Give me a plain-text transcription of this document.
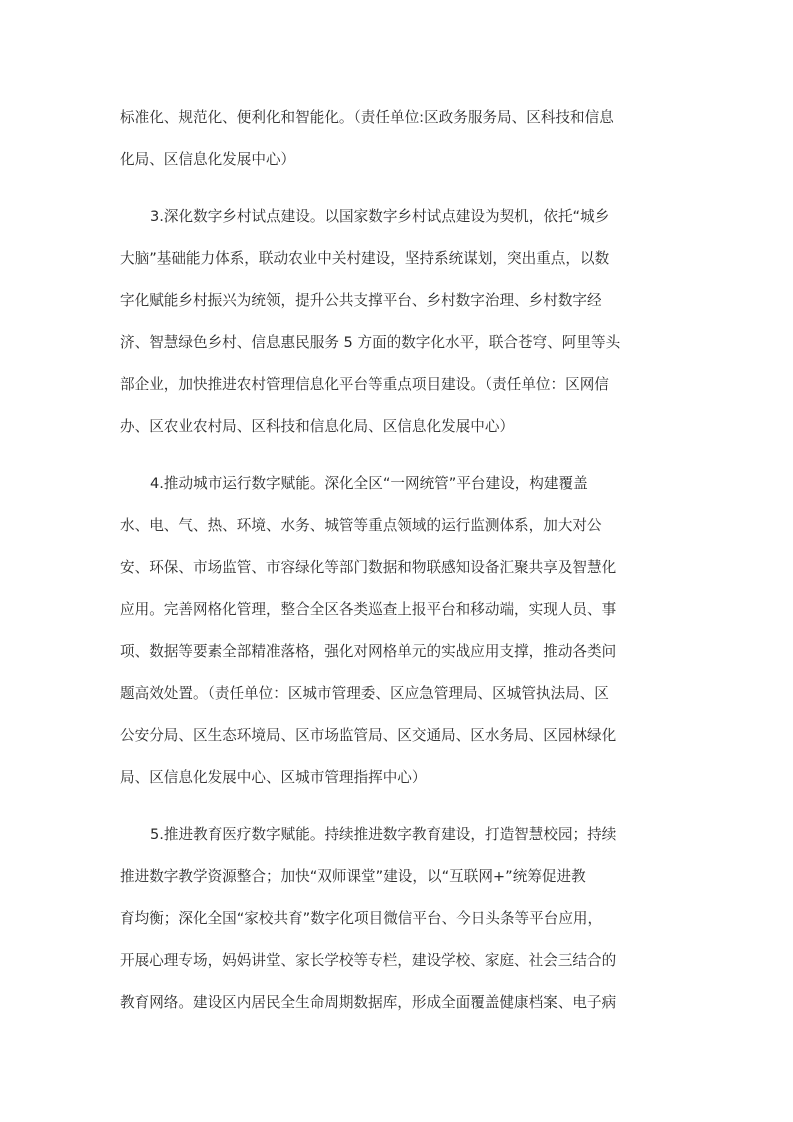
标准化、规范化、便利化和智能化。（责任单位:区政务服务局、区科技和信息
化局、区信息化发展中心）
3.深化数字乡村试点建设。以国家数字乡村试点建设为契机，依托“城乡
大脑”基础能力体系，联动农业中关村建设，坚持系统谋划，突出重点，以数
字化赋能乡村振兴为统领，提升公共支撑平台、乡村数字治理、乡村数字经
济、智慧绿色乡村、信息惠民服务 5 方面的数字化水平，联合苍穹、阿里等头
部企业，加快推进农村管理信息化平台等重点项目建设。（责任单位：区网信
办、区农业农村局、区科技和信息化局、区信息化发展中心）
4.推动城市运行数字赋能。深化全区“一网统管”平台建设，构建覆盖
水、电、气、热、环境、水务、城管等重点领域的运行监测体系，加大对公
安、环保、市场监管、市容绿化等部门数据和物联感知设备汇聚共享及智慧化
应用。完善网格化管理，整合全区各类巡查上报平台和移动端，实现人员、事
项、数据等要素全部精准落格，强化对网格单元的实战应用支撑，推动各类问
题高效处置。（责任单位：区城市管理委、区应急管理局、区城管执法局、区
公安分局、区生态环境局、区市场监管局、区交通局、区水务局、区园林绿化
局、区信息化发展中心、区城市管理指挥中心）
5.推进教育医疗数字赋能。持续推进数字教育建设，打造智慧校园；持续
推进数字教学资源整合；加快“双师课堂”建设，以“互联网+”统筹促进教
育均衡；深化全国“家校共育”数字化项目微信平台、今日头条等平台应用，
开展心理专场，妈妈讲堂、家长学校等专栏，建设学校、家庭、社会三结合的
教育网络。建设区内居民全生命周期数据库，形成全面覆盖健康档案、电子病
